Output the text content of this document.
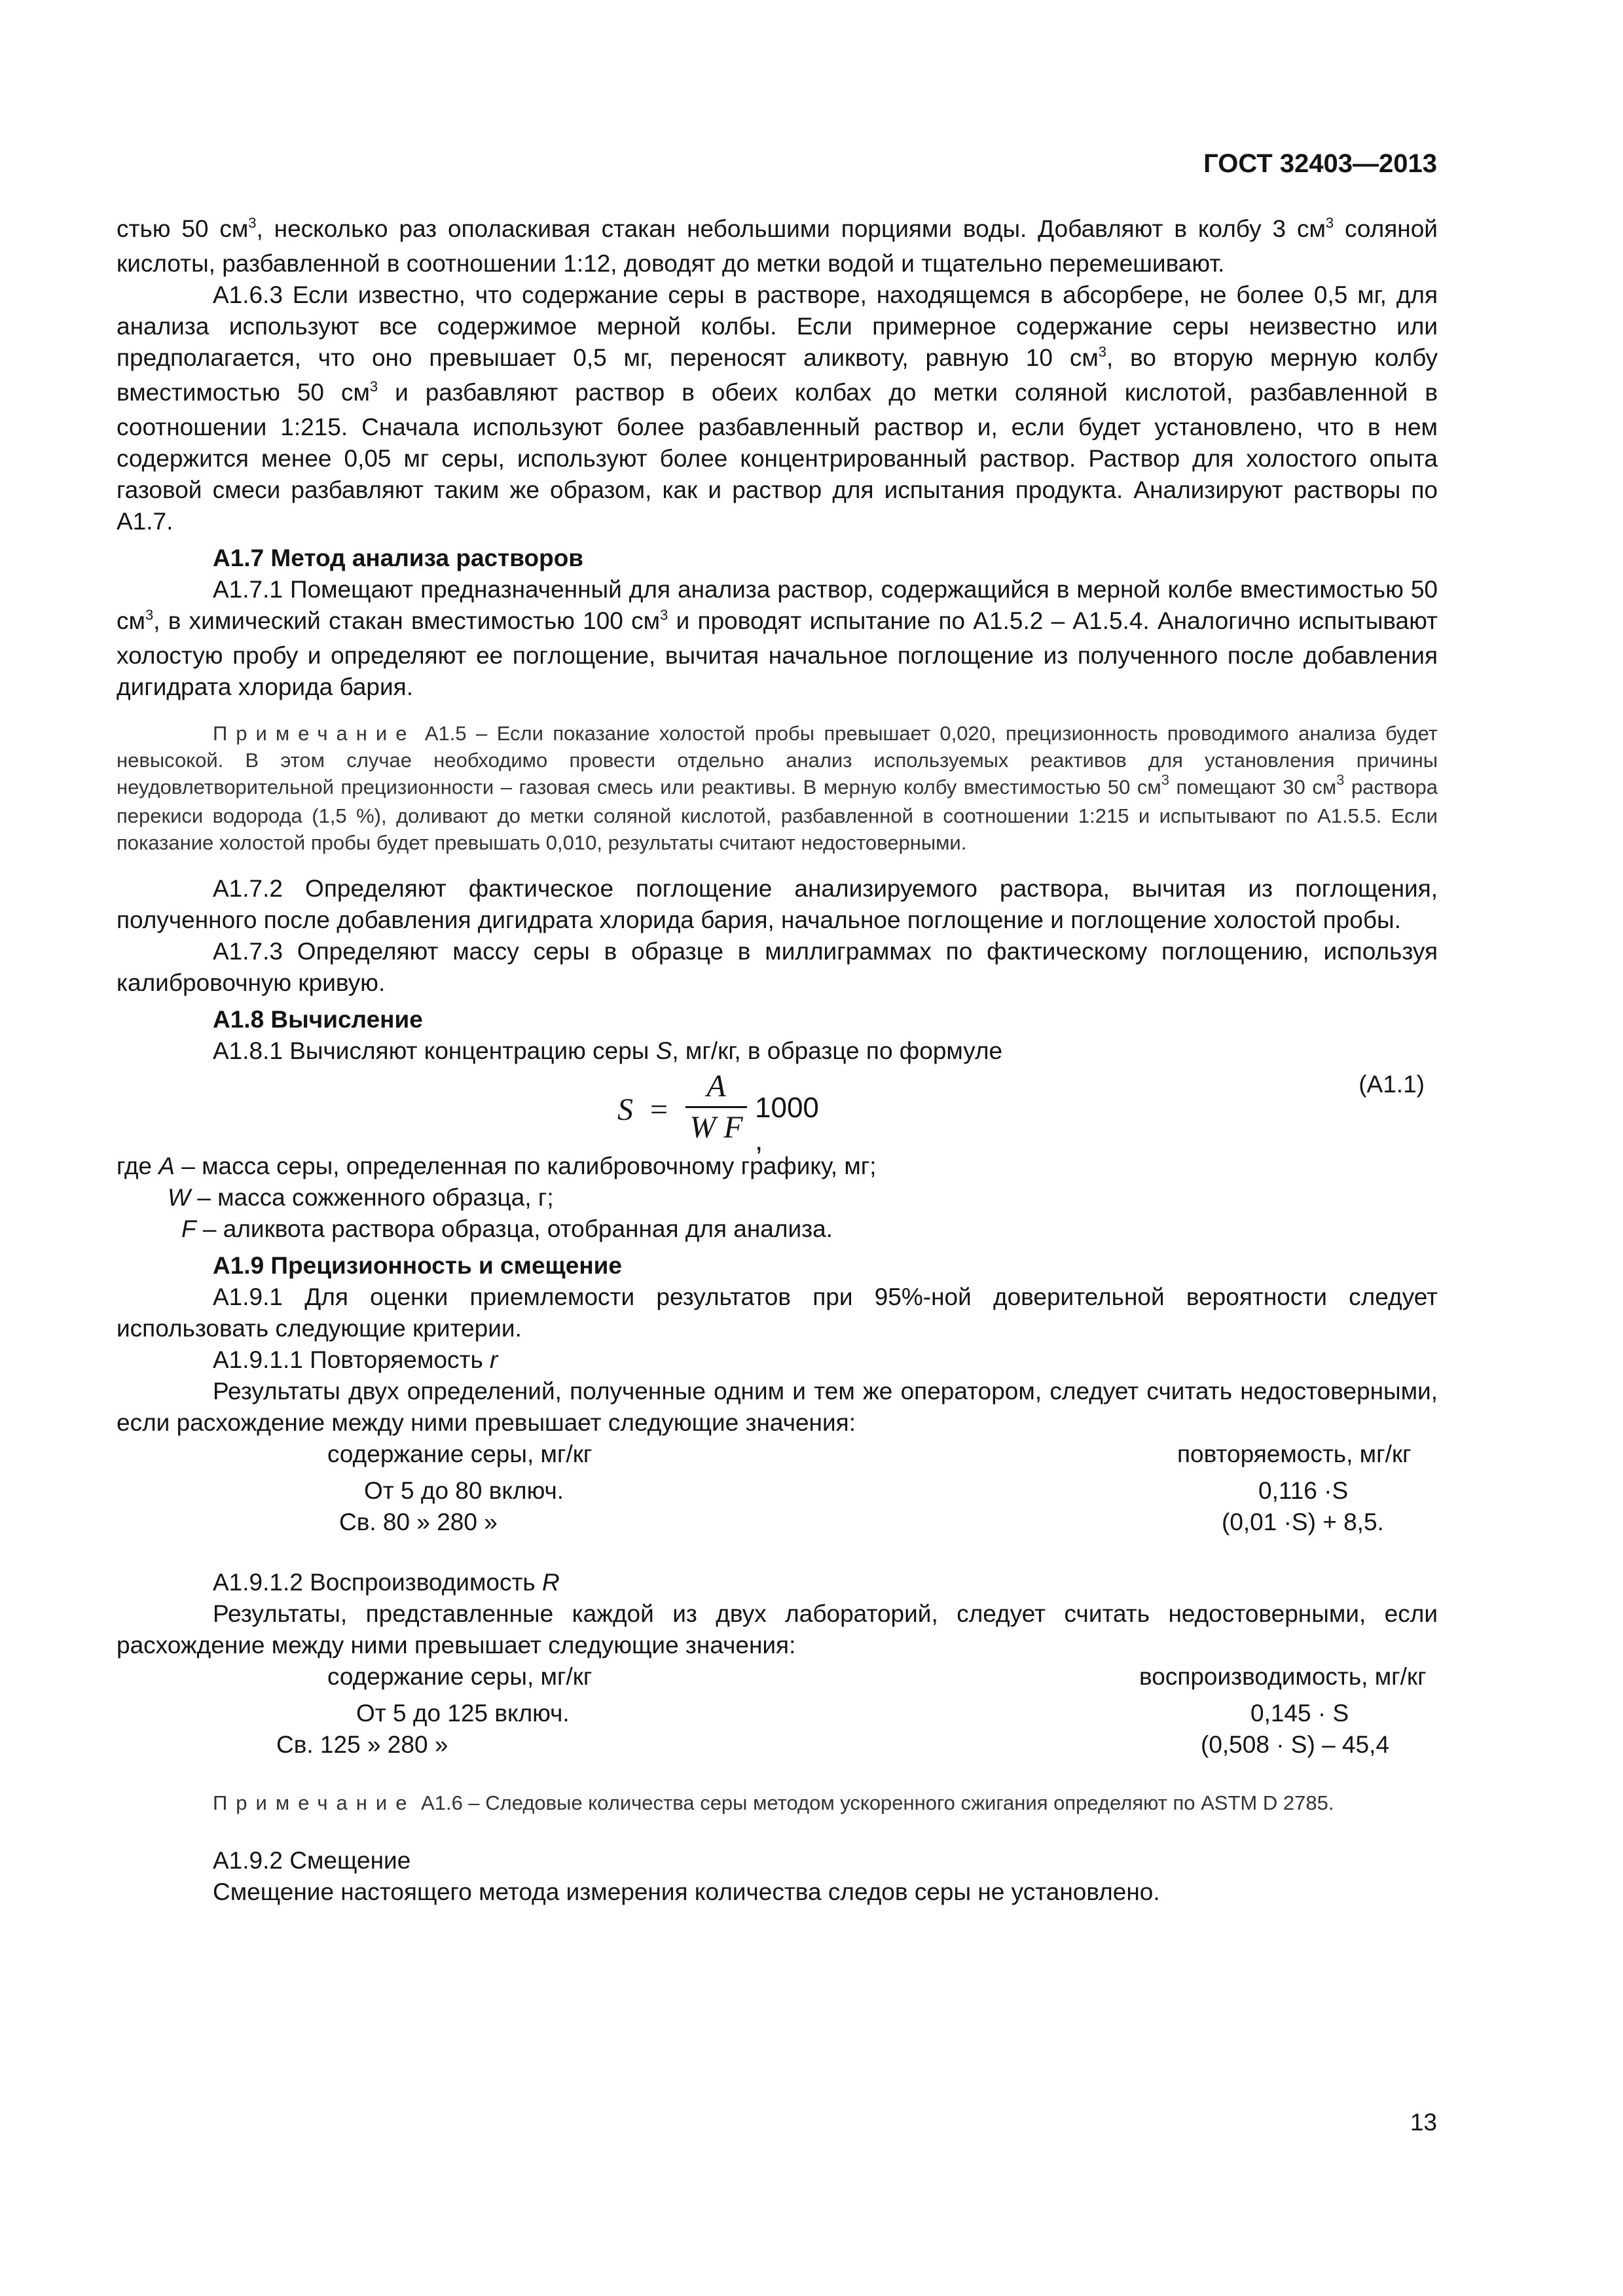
ГОСТ 32403—2013

стью 50 $см^3$, несколько раз ополаскивая стакан небольшими порциями воды. Добавляют в колбу 3 $см^3$ соляной кислоты, разбавленной в соотношении 1:12, доводят до метки водой и тщательно перемешивают.

А1.6.3 Если известно, что содержание серы в растворе, находящемся в абсорбере, не более 0,5 мг, для анализа используют все содержимое мерной колбы. Если примерное содержание серы неизвестно или предполагается, что оно превышает 0,5 мг, переносят аликвоту, равную 10 $см^3$, во вторую мерную колбу вместимостью 50 $см^3$ и разбавляют раствор в обеих колбах до метки соляной кислотой, разбавленной в соотношении 1:215. Сначала используют более разбавленный раствор и, если будет установлено, что в нем содержится менее 0,05 мг серы, используют более концентрированный раствор. Раствор для холостого опыта газовой смеси разбавляют таким же образом, как и раствор для испытания продукта. Анализируют растворы по А1.7.

А1.7 Метод анализа растворов

А1.7.1 Помещают предназначенный для анализа раствор, содержащийся в мерной колбе вместимостью 50 $см^3$, в химический стакан вместимостью 100 $см^3$ и проводят испытание по А1.5.2 – А1.5.4. Аналогично испытывают холостую пробу и определяют ее поглощение, вычитая начальное поглощение из полученного после добавления дигидрата хлорида бария.

Примечание А1.5 – Если показание холостой пробы превышает 0,020, прецизионность проводимого анализа будет невысокой. В этом случае необходимо провести отдельно анализ используемых реактивов для установления причины неудовлетворительной прецизионности – газовая смесь или реактивы. В мерную колбу вместимостью 50 $см^3$ помещают 30 $см^3$ раствора перекиси водорода (1,5 %), доливают до метки соляной кислотой, разбавленной в соотношении 1:215 и испытывают по А1.5.5. Если показание холостой пробы будет превышать 0,010, результаты считают недостоверными.

А1.7.2 Определяют фактическое поглощение анализируемого раствора, вычитая из поглощения, полученного после добавления дигидрата хлорида бария, начальное поглощение и поглощение холостой пробы.

А1.7.3 Определяют массу серы в образце в миллиграммах по фактическому поглощению, используя калибровочную кривую.

А1.8 Вычисление

А1.8.1 Вычисляют концентрацию серы S, мг/кг, в образце по формуле

S =
A
W F
1000 ,
(А1.1)

где A – масса серы, определенная по калибровочному графику, мг;

W – масса сожженного образца, г;

F – аликвота раствора образца, отобранная для анализа.

А1.9 Прецизионность и смещение

А1.9.1 Для оценки приемлемости результатов при 95%-ной доверительной вероятности следует использовать следующие критерии.

А1.9.1.1 Повторяемость r

Результаты двух определений, полученные одним и тем же оператором, следует считать недостоверными, если расхождение между ними превышает следующие значения:

содержание серы, мг/кг	повторяемость, мг/кг

От 5 до 80 включ.	0,116 ·S
Св. 80 » 280 »	(0,01 ·S) + 8,5.

А1.9.1.2 Воспроизводимость R

Результаты, представленные каждой из двух лабораторий, следует считать недостоверными, если расхождение между ними превышает следующие значения:

содержание серы, мг/кг	воспроизводимость, мг/кг

От 5 до 125 включ.	0,145 · S
Св. 125 » 280 »	(0,508 · S) – 45,4

Примечание А1.6 – Следовые количества серы методом ускоренного сжигания определяют по ASTM D 2785.

А1.9.2 Смещение

Смещение настоящего метода измерения количества следов серы не установлено.

13
